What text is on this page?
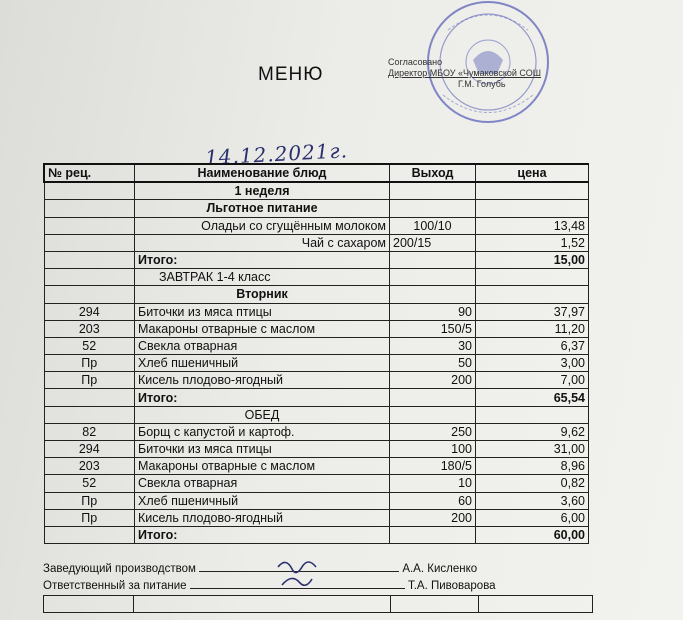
МЕНЮ
Согласовано
Директор МБОУ «Чумаковской СОШ
Г.М. Голубь
14.12.2021г.
№ рец.	Наименование блюд	Выход	цена
	1 неделя		
	Льготное питание		
	Оладьи со сгущённым молоком	100/10	13,48
	Чай с сахаром	200/15	1,52
	Итого:		15,00
	ЗАВТРАК 1-4 класс		
	Вторник		
294	Биточки из мяса птицы	90	37,97
203	Макароны отварные с маслом	150/5	11,20
52	Свекла отварная	30	6,37
Пр	Хлеб пшеничный	50	3,00
Пр	Кисель плодово-ягодный	200	7,00
	Итого:		65,54
	ОБЕД		
82	Борщ с капустой и картоф.	250	9,62
294	Биточки из мяса птицы	100	31,00
203	Макароны отварные с маслом	180/5	8,96
52	Свекла отварная	10	0,82
Пр	Хлеб пшеничный	60	3,60
Пр	Кисель плодово-ягодный	200	6,00
	Итого:		60,00
Заведующий производством	А.А. Кисленко
Ответственный за питание	Т.А. Пивоварова
